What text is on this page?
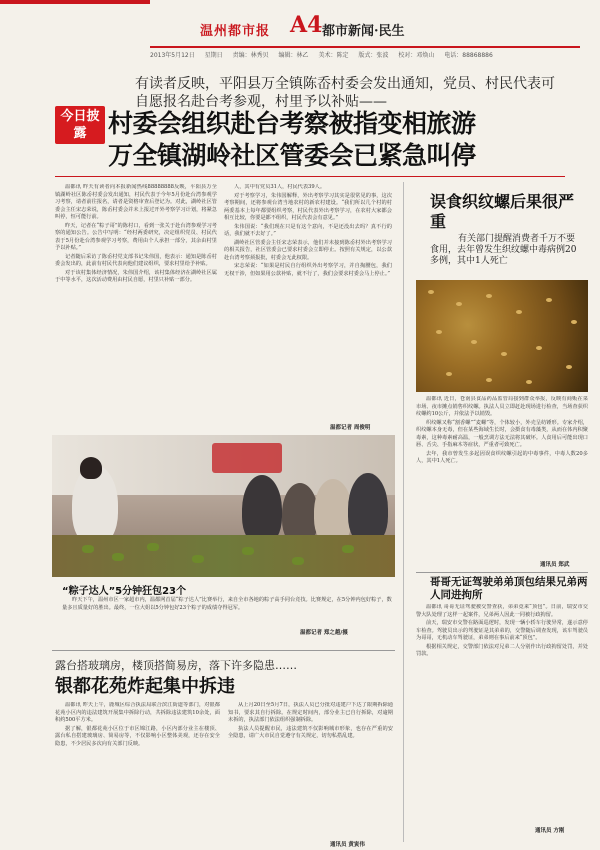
温州都市报 A4 都市新闻·民生
2013年5月12日 星期日 责编：林秀贝 编辑：林乙 美术：陈定 版式：张波 校对：邓焕山 电话：88868886
有读者反映，平阳县万全镇陈岙村委会发出通知，党员、村民代表可自愿报名赴台考参观，村里予以补贴——
今日披露 村委会组织赴台考察被指变相旅游
万全镇湖岭社区管委会已紧急叫停

温都讯 昨天有读者向本报新闻热线88888888反映，平阳县万全镇湖岭社区陈岙村委会发出通知，村民代表于今年5月份赴台湾参观学习考察，请者前往报名，请者是资格审查后登记为。对此，湖岭社区管委会主任宋志荣说，陈岙村委会并未上报过开外考察学习计划，将紧急叫停，恒可能行前。

昨天，记者在“粽子哥”的陈村口，看到一张关于赴台湾参观学习考察的通知公告。公告中写明：“经村两委研究，决定组织党员、村民代表于5月份赴台湾参观学习考察，费用由个人承担一部分，其余由村里予以补贴。”

记者随后采访了陈岙村党支部书记朱伟国，他表示：通知是陈岙村委会发出的，此前有村民代表向他们建议组织，要求村里给予补贴。

对于该村集体经济情况，朱伟国介绍，该村集体经济在湖岭社区属于中等水平，这次活动费用由村民自愿，村里只补贴一部分。

人，其中有党员31人，村民代表39人。

对于考察学习，朱伟国解释，外出考察学习其实是很常见的事，这次考察期间，还将参观台湾当地农村的新农村建设。“我们所以几个村的村两委基本上每年都要组织考察，村民代表外出考察学习，在农村大家都会相互比较，你要是都不组织，村民代表会有意见。”

朱伟国说：“我们现在只是有这个意向，不是还没出去吗？真不行的话，我们就不去好了。”

湖岭社区管委会主任宋志荣表示，他们并未接到陈岙村外出考察学习的相关报告，社区管委会已要求村委会立即停止。按照有关规定，以公款赴台湾考察须报批，村委会无此权限。

宋志荣说：“如果是村民自行组织外出考察学习，并自掏腰包，我们无权干涉，但如果用公款补贴，就不行了，我们会要求村委会马上停止。”

温都记者 周俊明
“粽子达人”5分钟狂包23个

昨天下午，温州市区一家超市内，温都网首届“粽子达人”比赛举行，来自全市各地的粽子高手同台竞技。比赛规定，在5分钟内包好粽子，数量多且质量好的胜出。最终，一位大姐以5分钟包好23个粽子的成绩夺得冠军。

温都记者 郑之越/摄
露台搭玻璃房，楼顶搭简易房，落下许多隐患……
银都花苑炸起集中拆违

温都讯 昨天上午，鹿城区综合执法局联合滨江街道等部门，对银都花苑小区内的违法建筑开展集中拆除行动，共拆除违法建筑10余处，面积约500平方米。

据了解，银都花苑小区位于市区锦江路，小区内部分业主在楼顶、露台私自搭建玻璃房、简易房等，不仅影响小区整体美观，还存在安全隐患，不少居民多次向有关部门反映。

从上月20日至5月7日，执法人员已分批对违建户下达了限期拆除通知书，要求其自行拆除。在规定时间内，部分业主已自行拆除，对逾期未拆的，执法部门依法组织强制拆除。

执法人员提醒市民，违法建筑不仅影响城市形象，也存在严重的安全隐患，请广大市民自觉遵守有关规定，切勿私搭乱建。

通讯员 黄寅伟
误食织纹螺后果很严重

有关部门提醒消费者千万不要食用，去年曾发生织纹螺中毒病例20多例，其中1人死亡

温都讯 近日，苍南县食品药品监管局接到群众举报，反映有商贩在菜市场、夜市摊点销售织纹螺。执法人员立即赶赴现场进行检查，当场查获织纹螺约10公斤，并依法予以销毁。

织纹螺又称“割香螺”“麦螺”等，个体较小，外壳呈纺锤形。专家介绍，织纹螺本身无毒，但在某些海域生长时，会摄食有毒藻类，从而在体内积聚毒素，这种毒素耐高温，一般烹调方法无法将其破坏。人食用后可能出现口唇、舌尖、手指麻木等症状，严重者可致死亡。

去年，我市曾发生多起因误食织纹螺引起的中毒事件，中毒人数20多人，其中1人死亡。

通讯员 郑武
哥哥无证驾驶弟弟顶包结果兄弟两人同进拘所

温都讯 哥哥无证驾驶被交警查获，弟弟竟来“顶包”。日前，瑞安市交警大队处理了这样一起案件，兄弟两人因此一同被行政拘留。

前天，瑞安市交警在路面巡逻时，发现一辆小轿车行驶异常，遂示意停车检查。驾驶员出示的驾驶证是其弟弟的，交警随后调查发现，该车驾驶员为哥哥，无机动车驾驶证，弟弟则在事后前来“顶包”。

根据相关规定，交警部门依法对兄弟二人分别作出行政拘留处罚，并处罚款。

通讯员 方刚
